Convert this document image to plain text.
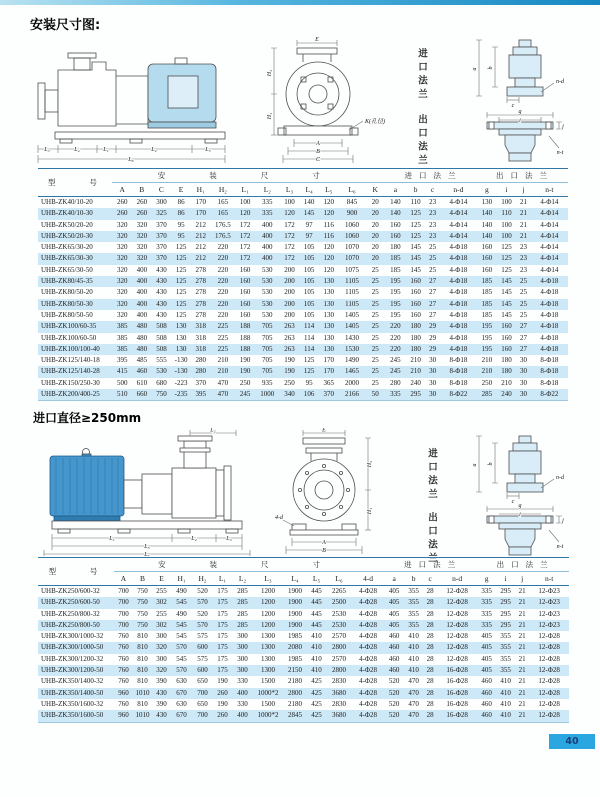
安装尺寸图:
L₃	L₄	L₁	L₂	L₅
L₆
E
H₂
H₁
K(孔径)
A
B
C
a b
c
n-d
g
i
j
n-t
进口法兰
出口法兰
型 号	安装尺寸													进口法兰				出口法兰			
	A	B	C	E	H₁	H₂	L₁	L₂	L₃	L₄	L₅	L₆	K	a	b	c	n-d	g	i	j	n-t
UHB-ZK40/10-20	260	260	300	86	170	165	100	335	100	140	120	845	20	140	110	23	4-Φ14	130	100	21	4-Φ14
UHB-ZK40/10-30	260	260	325	86	170	165	120	335	120	145	120	900	20	140	125	23	4-Φ14	140	110	21	4-Φ14
UHB-ZK50/20-20	320	320	370	95	212	176.5	172	400	172	97	116	1060	20	160	125	23	4-Φ14	140	100	21	4-Φ14
UHB-ZK50/20-30	320	320	370	95	212	176.5	172	400	172	97	116	1060	20	160	125	23	4-Φ14	140	100	21	4-Φ14
UHB-ZK65/30-20	320	320	370	125	212	220	172	400	172	105	120	1070	20	180	145	25	4-Φ18	160	125	23	4-Φ14
UHB-ZK65/30-30	320	320	370	125	212	220	172	400	172	105	120	1070	20	185	145	25	4-Φ18	160	125	23	4-Φ14
UHB-ZK65/30-50	320	400	430	125	278	220	160	530	200	105	120	1075	25	185	145	25	4-Φ18	160	125	23	4-Φ14
UHB-ZK80/45-35	320	400	430	125	278	220	160	530	200	105	130	1105	25	195	160	27	4-Φ18	185	145	25	4-Φ18
UHB-ZK80/50-20	320	400	430	125	278	220	160	530	200	105	130	1105	25	195	160	27	4-Φ18	185	145	25	4-Φ18
UHB-ZK80/50-30	320	400	430	125	278	220	160	530	200	105	130	1105	25	195	160	27	4-Φ18	185	145	25	4-Φ18
UHB-ZK80/50-50	320	400	430	125	278	220	160	530	200	105	130	1405	25	195	160	27	4-Φ18	185	145	25	4-Φ18
UHB-ZK100/60-35	385	480	508	130	318	225	188	705	263	114	130	1405	25	220	180	29	4-Φ18	195	160	27	4-Φ18
UHB-ZK100/60-50	385	480	508	130	318	225	188	705	263	114	130	1430	25	220	180	29	4-Φ18	195	160	27	4-Φ18
UHB-ZK100/100-40	385	480	508	130	318	225	188	705	263	114	130	1530	25	220	180	29	4-Φ18	195	160	27	4-Φ18
UHB-ZK125/140-18	395	485	555	-130	280	210	190	705	190	125	170	1490	25	245	210	30	8-Φ18	210	180	30	8-Φ18
UHB-ZK125/140-28	415	460	530	-130	280	210	190	705	190	125	170	1465	25	245	210	30	8-Φ18	210	180	30	8-Φ18
UHB-ZK150/250-30	500	610	680	-223	370	470	250	935	250	95	365	2000	25	280	240	30	8-Φ18	250	210	30	8-Φ18
UHB-ZK200/400-25	510	660	750	-235	395	470	245	1000	340	106	370	2166	50	335	295	30	8-Φ22	285	240	30	8-Φ22
进口直径≥250mm
L₂
L₁	L₄	L₃
L₅
L₆
E
H₂
H₁
4-d
A
B
a b
c
n-d
g
i
j
n-t
进口法兰
出口法兰
型 号	安装尺寸												进口法兰				出口法兰			
	A	B	E	H₁	H₂	L₁	L₂	L₃	L₄	L₅	L₆	4-d	a	b	c	n-d	g	i	j	n-t
UHB-ZK250/600-32	700	750	255	490	520	175	285	1200	1900	445	2265	4-Φ28	405	355	28	12-Φ28	335	295	21	12-Φ23
UHB-ZK250/600-50	700	750	302	545	570	175	285	1200	1900	445	2500	4-Φ28	405	355	28	12-Φ28	335	295	21	12-Φ23
UHB-ZK250/800-32	700	750	255	490	520	175	285	1200	1900	445	2530	4-Φ28	405	355	28	12-Φ28	335	295	21	12-Φ23
UHB-ZK250/800-50	700	750	302	545	570	175	285	1200	1900	445	2530	4-Φ28	405	355	28	12-Φ28	335	295	21	12-Φ23
UHB-ZK300/1000-32	760	810	300	545	575	175	300	1300	1985	410	2570	4-Φ28	460	410	28	12-Φ28	405	355	21	12-Φ28
UHB-ZK300/1000-50	760	810	320	570	600	175	300	1300	2080	410	2800	4-Φ28	460	410	28	12-Φ28	405	355	21	12-Φ28
UHB-ZK300/1200-32	760	810	300	545	575	175	300	1300	1985	410	2570	4-Φ28	460	410	28	12-Φ28	405	355	21	12-Φ28
UHB-ZK300/1200-50	760	810	320	570	600	175	300	1300	2150	410	2800	4-Φ28	460	410	28	16-Φ28	405	355	21	12-Φ28
UHB-ZK350/1400-32	760	810	390	630	650	190	330	1500	2180	425	2830	4-Φ28	520	470	28	16-Φ28	460	410	21	12-Φ28
UHB-ZK350/1400-50	960	1010	430	670	700	260	400	1000*2	2800	425	3680	4-Φ28	520	470	28	16-Φ28	460	410	21	12-Φ28
UHB-ZK350/1600-32	760	810	390	630	650	190	330	1500	2180	425	2830	4-Φ28	520	470	28	16-Φ28	460	410	21	12-Φ28
UHB-ZK350/1600-50	960	1010	430	670	700	260	400	1000*2	2845	425	3680	4-Φ28	520	470	28	16-Φ28	460	410	21	12-Φ28
40
